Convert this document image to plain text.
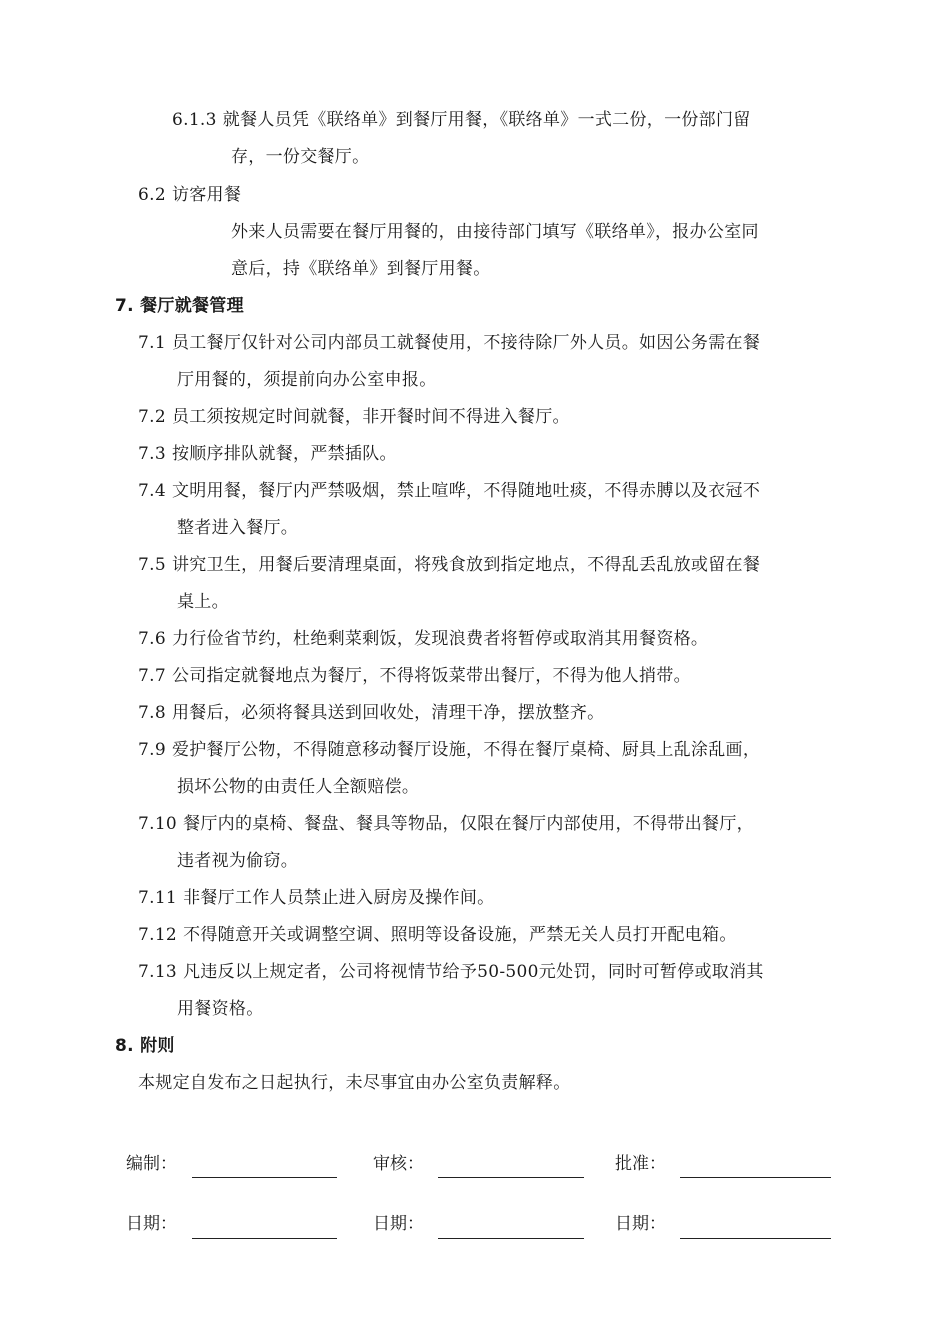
6.1.3 就餐人员凭《联络单》到餐厅用餐，《联络单》一式二份，一份部门留
存，一份交餐厅。
6.2 访客用餐
外来人员需要在餐厅用餐的，由接待部门填写《联络单》，报办公室同
意后，持《联络单》到餐厅用餐。
7. 餐厅就餐管理
7.1 员工餐厅仅针对公司内部员工就餐使用，不接待除厂外人员。如因公务需在餐
厅用餐的，须提前向办公室申报。
7.2 员工须按规定时间就餐，非开餐时间不得进入餐厅。
7.3 按顺序排队就餐，严禁插队。
7.4 文明用餐，餐厅内严禁吸烟，禁止喧哗，不得随地吐痰，不得赤膊以及衣冠不
整者进入餐厅。
7.5 讲究卫生，用餐后要清理桌面，将残食放到指定地点，不得乱丢乱放或留在餐
桌上。
7.6 力行俭省节约，杜绝剩菜剩饭，发现浪费者将暂停或取消其用餐资格。
7.7 公司指定就餐地点为餐厅，不得将饭菜带出餐厅，不得为他人捎带。
7.8 用餐后，必须将餐具送到回收处，清理干净，摆放整齐。
7.9 爱护餐厅公物，不得随意移动餐厅设施，不得在餐厅桌椅、厨具上乱涂乱画，
损坏公物的由责任人全额赔偿。
7.10 餐厅内的桌椅、餐盘、餐具等物品，仅限在餐厅内部使用，不得带出餐厅，
违者视为偷窃。
7.11 非餐厅工作人员禁止进入厨房及操作间。
7.12 不得随意开关或调整空调、照明等设备设施，严禁无关人员打开配电箱。
7.13 凡违反以上规定者，公司将视情节给予50-500元处罚，同时可暂停或取消其
用餐资格。
8. 附则
本规定自发布之日起执行，未尽事宜由办公室负责解释。
编制：	审核：	批准：
日期：	日期：	日期：
